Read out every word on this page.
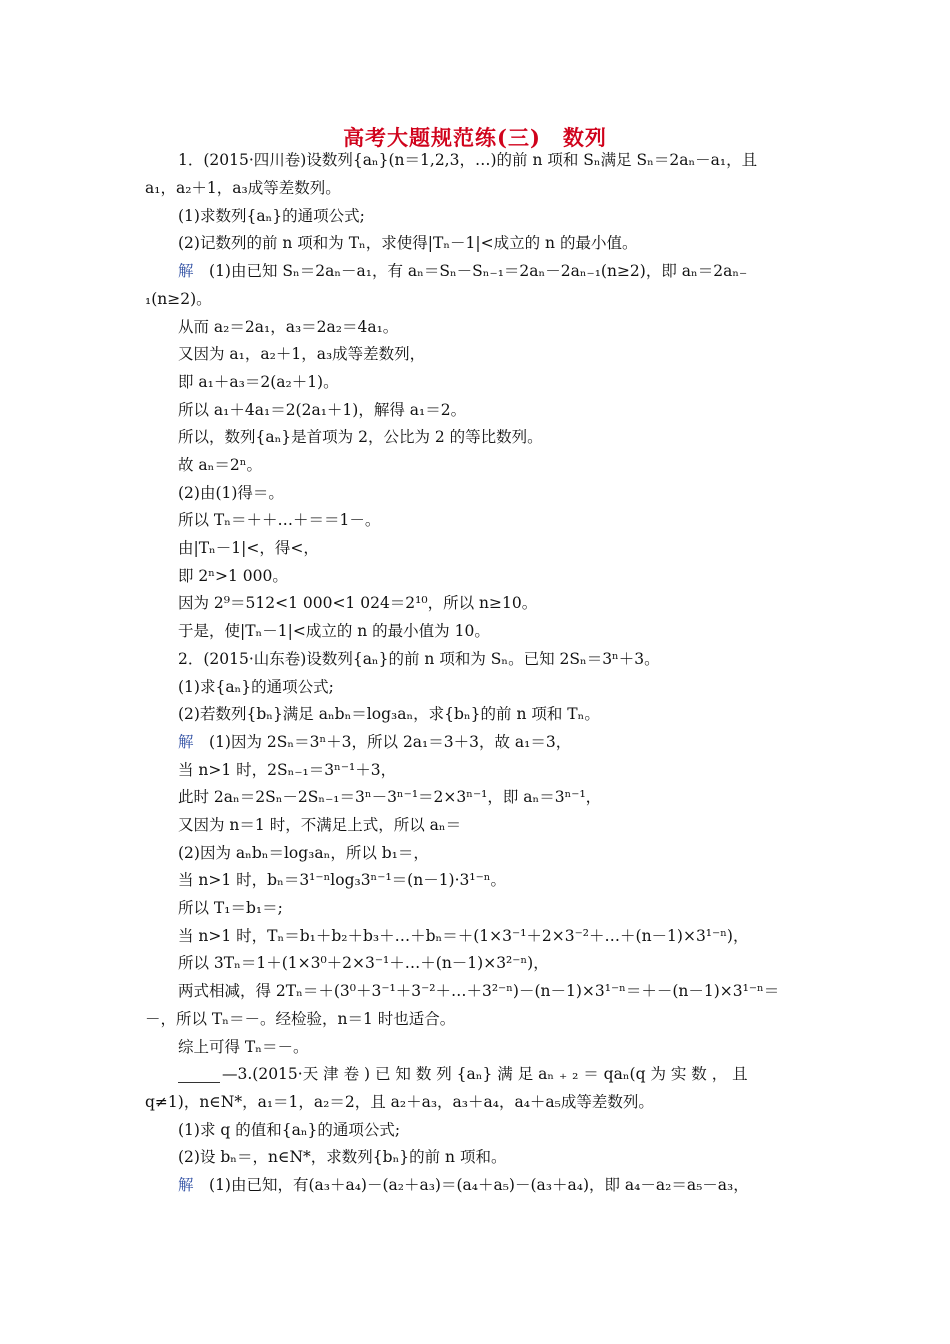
高考大题规范练(三)　数列
1．(2015·四川卷)设数列{aₙ}(n＝1,2,3，…)的前 n 项和 Sₙ满足 Sₙ＝2aₙ－a₁，且
a₁，a₂＋1，a₃成等差数列。
(1)求数列{aₙ}的通项公式;
(2)记数列的前 n 项和为 Tₙ，求使得|Tₙ－1|<成立的 n 的最小值。
解  (1)由已知 Sₙ＝2aₙ－a₁，有 aₙ＝Sₙ－Sₙ₋₁＝2aₙ－2aₙ₋₁(n≥2)，即 aₙ＝2aₙ₋
₁(n≥2)。
从而 a₂＝2a₁，a₃＝2a₂＝4a₁。
又因为 a₁，a₂＋1，a₃成等差数列，
即 a₁＋a₃＝2(a₂＋1)。
所以 a₁＋4a₁＝2(2a₁＋1)，解得 a₁＝2。
所以，数列{aₙ}是首项为 2，公比为 2 的等比数列。
故 aₙ＝2ⁿ。
(2)由(1)得＝。
所以 Tₙ＝＋＋…＋＝＝1－。
由|Tₙ－1|<，得<，
即 2ⁿ>1 000。
因为 2⁹＝512<1 000<1 024＝2¹⁰，所以 n≥10。
于是，使|Tₙ－1|<成立的 n 的最小值为 10。
2．(2015·山东卷)设数列{aₙ}的前 n 项和为 Sₙ。已知 2Sₙ＝3ⁿ＋3。
(1)求{aₙ}的通项公式;
(2)若数列{bₙ}满足 aₙbₙ＝log₃aₙ，求{bₙ}的前 n 项和 Tₙ。
解  (1)因为 2Sₙ＝3ⁿ＋3，所以 2a₁＝3＋3，故 a₁＝3，
当 n>1 时，2Sₙ₋₁＝3ⁿ⁻¹＋3，
此时 2aₙ＝2Sₙ－2Sₙ₋₁＝3ⁿ－3ⁿ⁻¹＝2×3ⁿ⁻¹，即 aₙ＝3ⁿ⁻¹，
又因为 n＝1 时，不满足上式，所以 aₙ＝
(2)因为 aₙbₙ＝log₃aₙ，所以 b₁＝，
当 n>1 时，bₙ＝3¹⁻ⁿlog₃3ⁿ⁻¹＝(n－1)·3¹⁻ⁿ。
所以 T₁＝b₁＝;
当 n>1 时，Tₙ＝b₁＋b₂＋b₃＋…＋bₙ＝＋(1×3⁻¹＋2×3⁻²＋…＋(n－1)×3¹⁻ⁿ)，
所以 3Tₙ＝1＋(1×3⁰＋2×3⁻¹＋…＋(n－1)×3²⁻ⁿ)，
两式相减，得 2Tₙ＝＋(3⁰＋3⁻¹＋3⁻²＋…＋3²⁻ⁿ)－(n－1)×3¹⁻ⁿ＝＋－(n－1)×3¹⁻ⁿ＝
－，所以 Tₙ＝－。经检验，n＝1 时也适合。
综上可得 Tₙ＝－。
—3.(2015·天 津 卷 ) 已 知 数 列 {aₙ} 满 足 aₙ ₊ ₂ ＝ qaₙ(q 为 实 数 ， 且
q≠1)，n∈N*，a₁＝1，a₂＝2，且 a₂＋a₃，a₃＋a₄，a₄＋a₅成等差数列。
(1)求 q 的值和{aₙ}的通项公式;
(2)设 bₙ＝，n∈N*，求数列{bₙ}的前 n 项和。
解  (1)由已知，有(a₃＋a₄)－(a₂＋a₃)＝(a₄＋a₅)－(a₃＋a₄)，即 a₄－a₂＝a₅－a₃，
